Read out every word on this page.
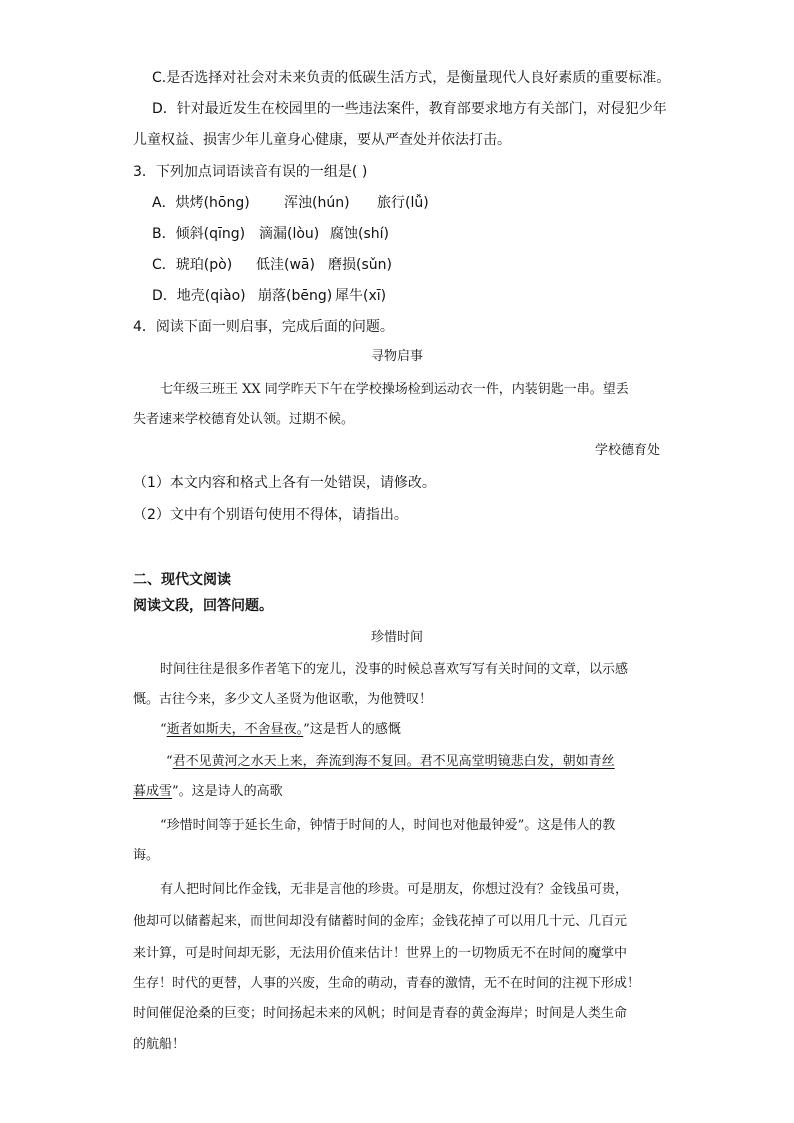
C.是否选择对社会对未来负责的低碳生活方式，是衡量现代人良好素质的重要标准。
D．针对最近发生在校园里的一些违法案件，教育部要求地方有关部门，对侵犯少年
儿童权益、损害少年儿童身心健康，要从严查处并依法打击。
3．下列加点词语读音有误的一组是( )
A．烘烤(hōng) 浑浊(hún) 旅行(lǚ)
B．倾斜(qīng) 滴漏(lòu) 腐蚀(shí)
C．琥珀(pò) 低洼(wā) 磨损(sǔn)
D．地壳(qiào) 崩落(bēng) 犀牛(xī)
4．阅读下面一则启事，完成后面的问题。
寻物启事
七年级三班王 XX 同学昨天下午在学校操场检到运动衣一件，内装钥匙一串。望丢
失者速来学校德育处认领。过期不候。
学校德育处
（1）本文内容和格式上各有一处错误，请修改。
（2）文中有个别语句使用不得体，请指出。
二、现代文阅读
阅读文段，回答问题。
珍惜时间
时间往往是很多作者笔下的宠儿，没事的时候总喜欢写写有关时间的文章，以示感
慨。古往今来，多少文人圣贤为他讴歌，为他赞叹！
“逝者如斯夫，不舍昼夜。”这是哲人的感慨
“君不见黄河之水天上来，奔流到海不复回。君不见高堂明镜悲白发，朝如青丝
暮成雪”。这是诗人的高歌
“珍惜时间等于延长生命，钟情于时间的人，时间也对他最钟爱”。这是伟人的教
诲。
有人把时间比作金钱，无非是言他的珍贵。可是朋友，你想过没有？金钱虽可贵，
他却可以储蓄起来，而世间却没有储蓄时间的金库；金钱花掉了可以用几十元、几百元
来计算，可是时间却无影，无法用价值来估计！世界上的一切物质无不在时间的魔掌中
生存！时代的更替，人事的兴废，生命的萌动，青春的激情，无不在时间的注视下形成！
时间催促沧桑的巨变；时间扬起未来的风帆；时间是青春的黄金海岸；时间是人类生命
的航船！
